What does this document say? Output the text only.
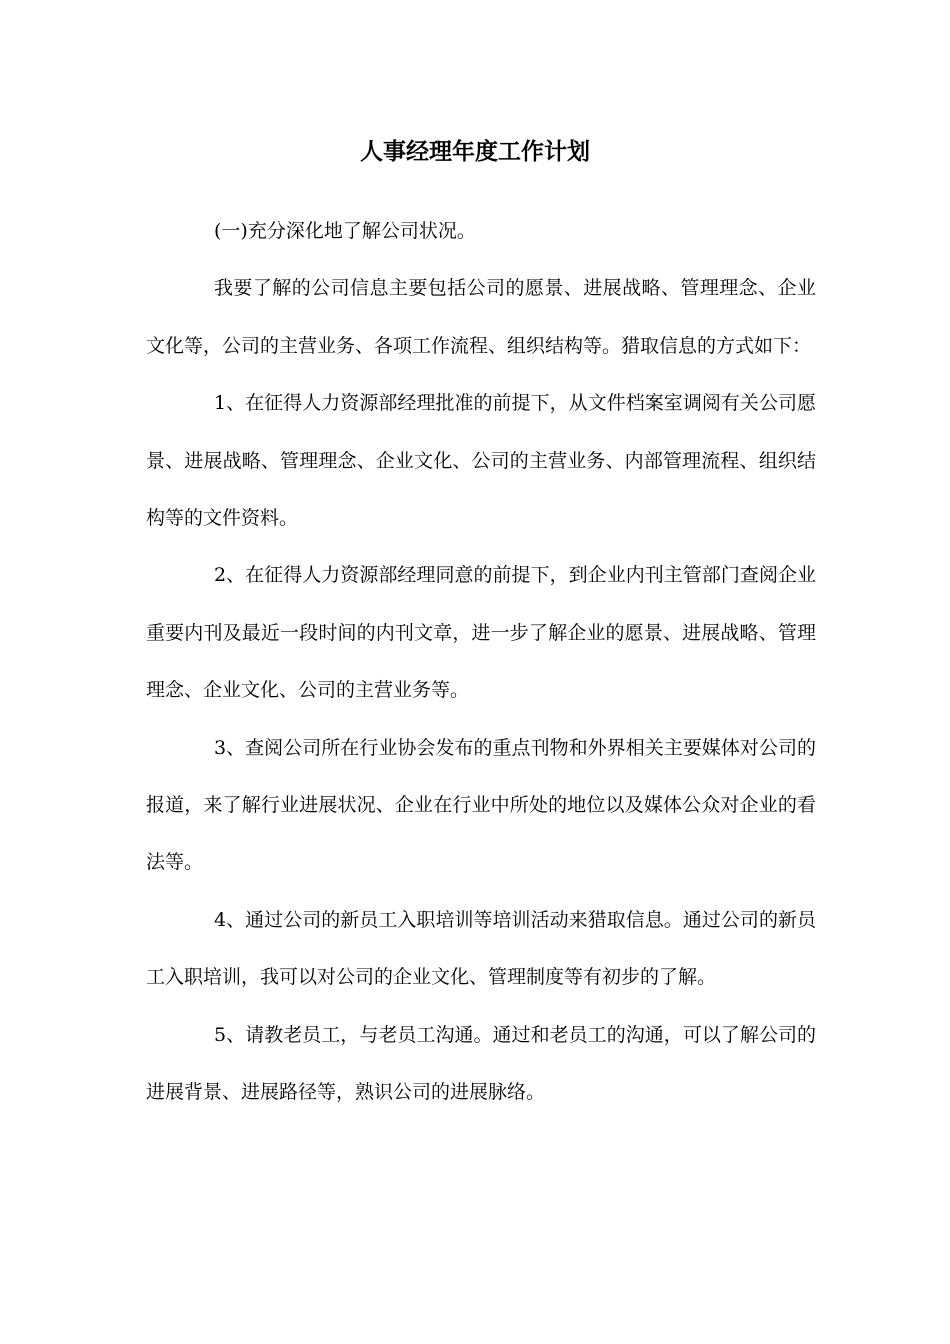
人事经理年度工作计划

(一)充分深化地了解公司状况。

我要了解的公司信息主要包括公司的愿景、进展战略、管理理念、企业文化等，公司的主营业务、各项工作流程、组织结构等。猎取信息的方式如下：

1、在征得人力资源部经理批准的前提下，从文件档案室调阅有关公司愿景、进展战略、管理理念、企业文化、公司的主营业务、内部管理流程、组织结构等的文件资料。

2、在征得人力资源部经理同意的前提下，到企业内刊主管部门查阅企业重要内刊及最近一段时间的内刊文章，进一步了解企业的愿景、进展战略、管理理念、企业文化、公司的主营业务等。

3、查阅公司所在行业协会发布的重点刊物和外界相关主要媒体对公司的报道，来了解行业进展状况、企业在行业中所处的地位以及媒体公众对企业的看法等。

4、通过公司的新员工入职培训等培训活动来猎取信息。通过公司的新员工入职培训，我可以对公司的企业文化、管理制度等有初步的了解。

5、请教老员工，与老员工沟通。通过和老员工的沟通，可以了解公司的进展背景、进展路径等，熟识公司的进展脉络。
